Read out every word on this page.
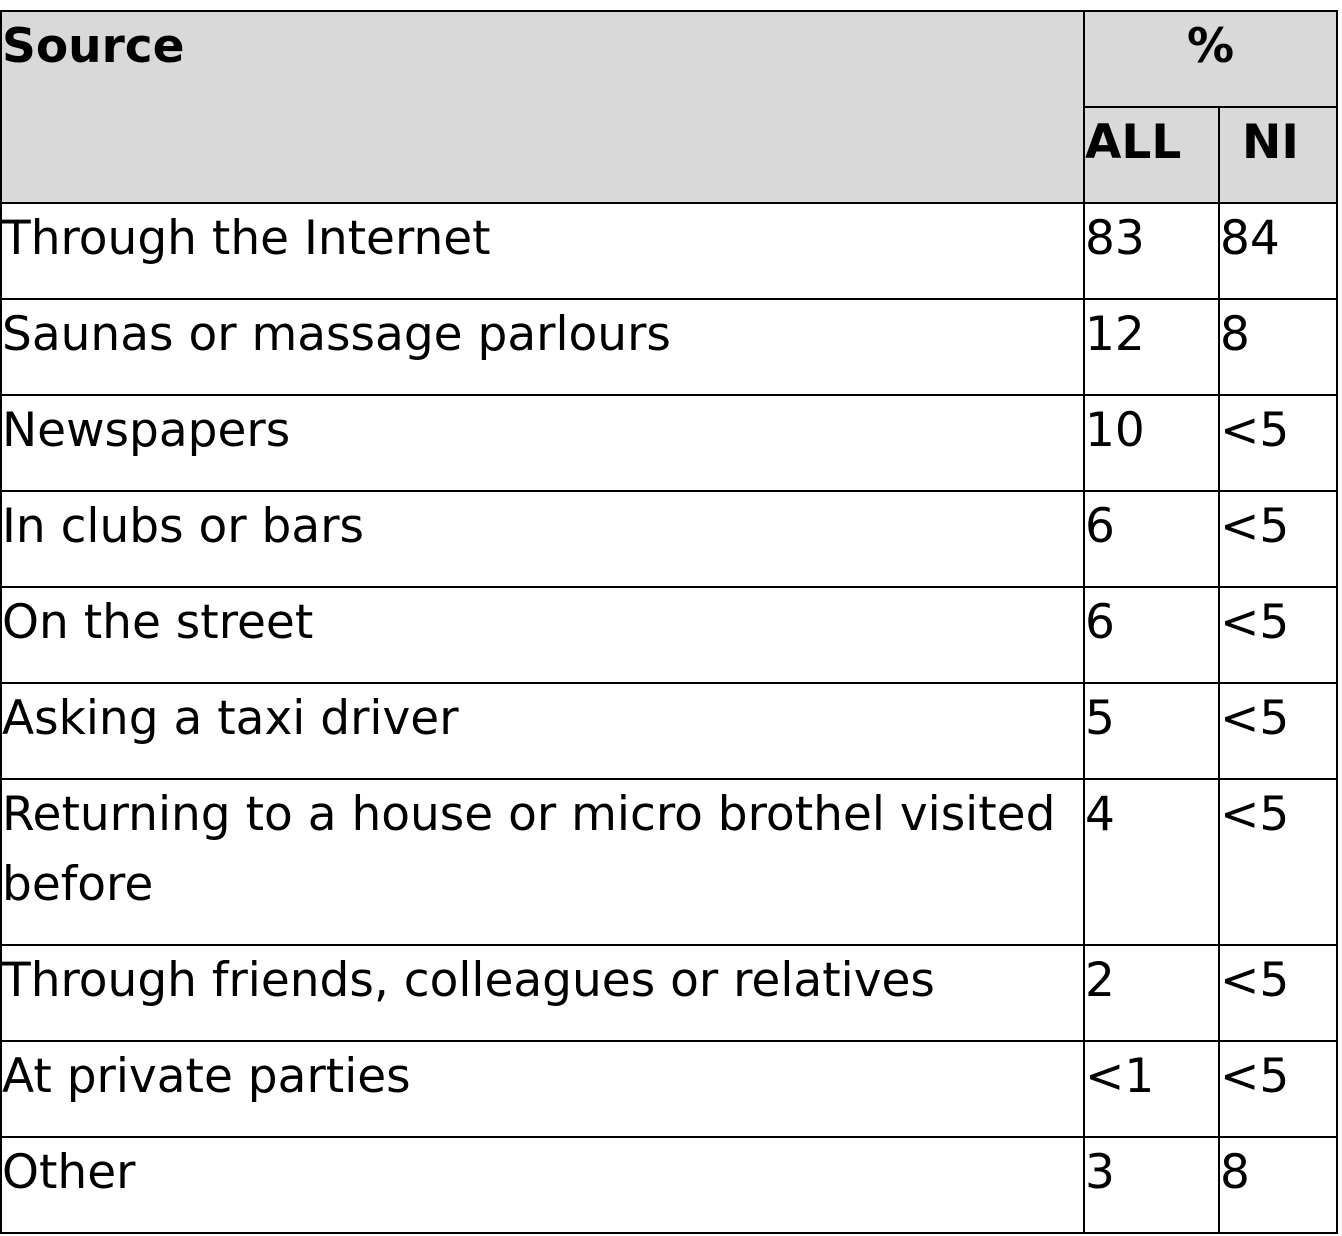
Source	%	
	ALL	NI
Through the Internet	83	84
Saunas or massage parlours	12	8
Newspapers	10	<5
In clubs or bars	6	<5
On the street	6	<5
Asking a taxi driver	5	<5
Returning to a house or micro brothel visited before	4	<5
Through friends, colleagues or relatives	2	<5
At private parties	<1	<5
Other	3	8
